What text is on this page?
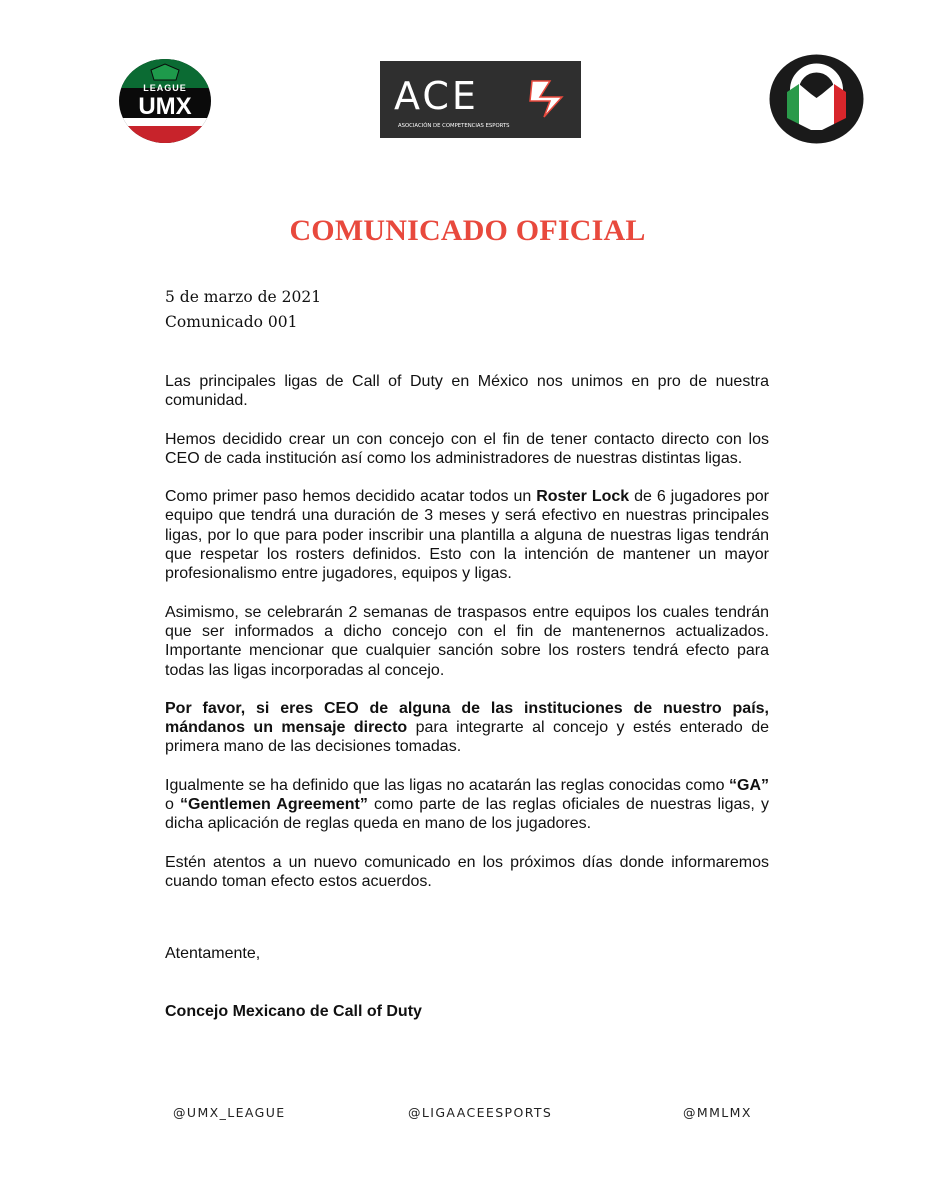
LEAGUE
UMX	ACE
ASOCIACIÓN DE COMPETENCIAS ESPORTS
COMUNICADO OFICIAL
5 de marzo de 2021
Comunicado 001

Las principales ligas de Call of Duty en México nos unimos en pro de nuestra comunidad.

Hemos decidido crear un con concejo con el fin de tener contacto directo con los CEO de cada institución así como los administradores de nuestras distintas ligas.

Como primer paso hemos decidido acatar todos un Roster Lock de 6 jugadores por equipo que tendrá una duración de 3 meses y será efectivo en nuestras principales ligas, por lo que para poder inscribir una plantilla a alguna de nuestras ligas tendrán que respetar los rosters definidos. Esto con la intención de mantener un mayor profesionalismo entre jugadores, equipos y ligas.

Asimismo, se celebrarán 2 semanas de traspasos entre equipos los cuales tendrán que ser informados a dicho concejo con el fin de mantenernos actualizados. Importante mencionar que cualquier sanción sobre los rosters tendrá efecto para todas las ligas incorporadas al concejo.

Por favor, si eres CEO de alguna de las instituciones de nuestro país, mándanos un mensaje directo para integrarte al concejo y estés enterado de primera mano de las decisiones tomadas.

Igualmente se ha definido que las ligas no acatarán las reglas conocidas como “GA” o “Gentlemen Agreement” como parte de las reglas oficiales de nuestras ligas, y dicha aplicación de reglas queda en mano de los jugadores.

Estén atentos a un nuevo comunicado en los próximos días donde informaremos cuando toman efecto estos acuerdos.

Atentamente,
Concejo Mexicano de Call of Duty
@UMX_LEAGUE	@LIGAACEESPORTS	@MMLMX
